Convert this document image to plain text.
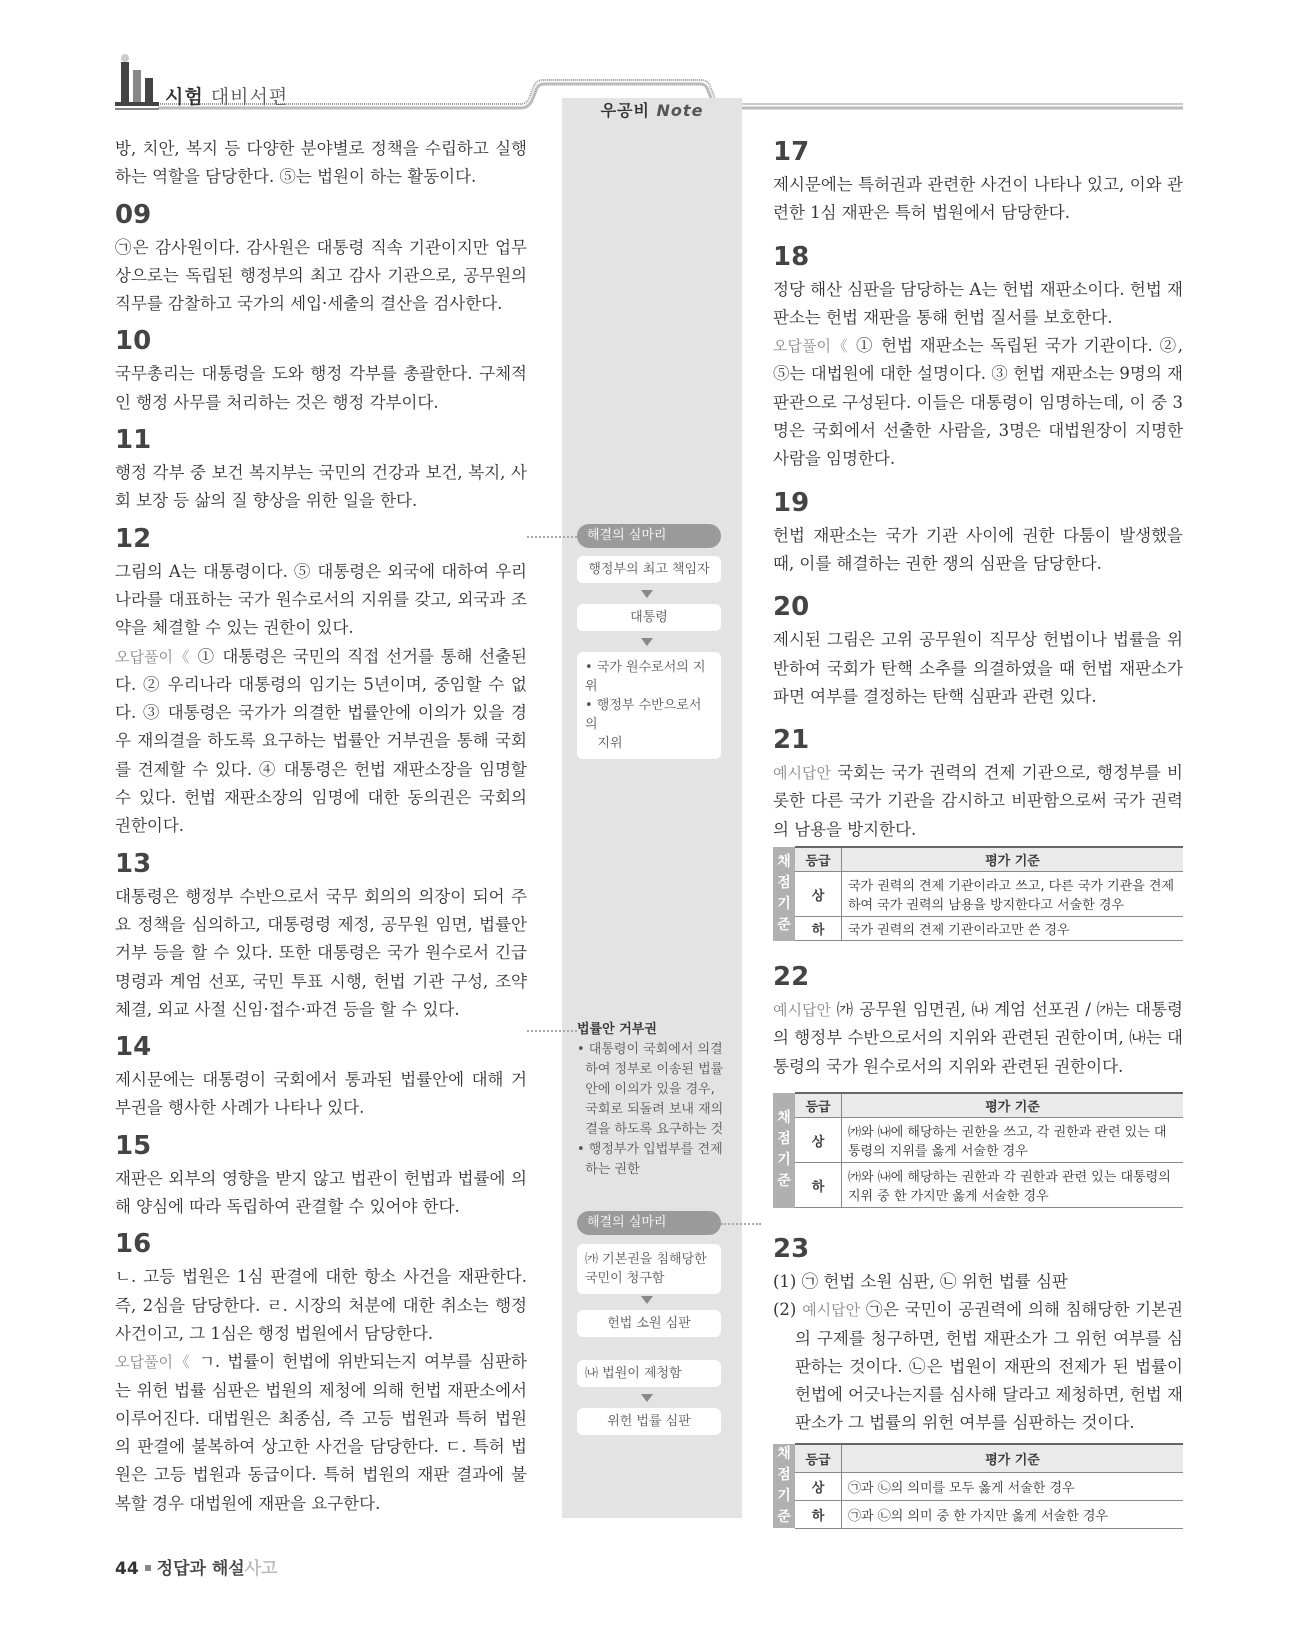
시험 대비서편
우공비 Note

방, 치안, 복지 등 다양한 분야별로 정책을 수립하고 실행하는 역할을 담당한다. ⑤는 법원이 하는 활동이다.

09

㉠은 감사원이다. 감사원은 대통령 직속 기관이지만 업무상으로는 독립된 행정부의 최고 감사 기관으로, 공무원의 직무를 감찰하고 국가의 세입·세출의 결산을 검사한다.

10

국무총리는 대통령을 도와 행정 각부를 총괄한다. 구체적인 행정 사무를 처리하는 것은 행정 각부이다.

11

행정 각부 중 보건 복지부는 국민의 건강과 보건, 복지, 사회 보장 등 삶의 질 향상을 위한 일을 한다.

12

그림의 A는 대통령이다. ⑤ 대통령은 외국에 대하여 우리나라를 대표하는 국가 원수로서의 지위를 갖고, 외국과 조약을 체결할 수 있는 권한이 있다.

오답풀이《 ① 대통령은 국민의 직접 선거를 통해 선출된다. ② 우리나라 대통령의 임기는 5년이며, 중임할 수 없다. ③ 대통령은 국가가 의결한 법률안에 이의가 있을 경우 재의결을 하도록 요구하는 법률안 거부권을 통해 국회를 견제할 수 있다. ④ 대통령은 헌법 재판소장을 임명할 수 있다. 헌법 재판소장의 임명에 대한 동의권은 국회의 권한이다.

13

대통령은 행정부 수반으로서 국무 회의의 의장이 되어 주요 정책을 심의하고, 대통령령 제정, 공무원 임면, 법률안 거부 등을 할 수 있다. 또한 대통령은 국가 원수로서 긴급 명령과 계엄 선포, 국민 투표 시행, 헌법 기관 구성, 조약 체결, 외교 사절 신임·접수·파견 등을 할 수 있다.

14

제시문에는 대통령이 국회에서 통과된 법률안에 대해 거부권을 행사한 사례가 나타나 있다.

15

재판은 외부의 영향을 받지 않고 법관이 헌법과 법률에 의해 양심에 따라 독립하여 관결할 수 있어야 한다.

16

ㄴ. 고등 법원은 1심 판결에 대한 항소 사건을 재판한다. 즉, 2심을 담당한다. ㄹ. 시장의 처분에 대한 취소는 행정사건이고, 그 1심은 행정 법원에서 담당한다.

오답풀이《 ㄱ. 법률이 헌법에 위반되는지 여부를 심판하는 위헌 법률 심판은 법원의 제청에 의해 헌법 재판소에서 이루어진다. 대법원은 최종심, 즉 고등 법원과 특허 법원의 판결에 불복하여 상고한 사건을 담당한다. ㄷ. 특허 법원은 고등 법원과 동급이다. 특허 법원의 재판 결과에 불복할 경우 대법원에 재판을 요구한다.

해결의 실마리
행정부의 최고 책임자
대통령
• 국가 원수로서의 지위
• 행정부 수반으로서의
지위
법률안 거부권
• 대통령이 국회에서 의결
하여 정부로 이송된 법률
안에 이의가 있을 경우,
국회로 되돌려 보내 재의
결을 하도록 요구하는 것
• 행정부가 입법부를 견제
하는 권한
해결의 실마리
㈎ 기본권을 침해당한 국민이 청구함
헌법 소원 심판
㈏ 법원이 제청함
위헌 법률 심판
17

제시문에는 특허권과 관련한 사건이 나타나 있고, 이와 관련한 1심 재판은 특허 법원에서 담당한다.

18

정당 해산 심판을 담당하는 A는 헌법 재판소이다. 헌법 재판소는 헌법 재판을 통해 헌법 질서를 보호한다.

오답풀이《 ① 헌법 재판소는 독립된 국가 기관이다. ②, ⑤는 대법원에 대한 설명이다. ③ 헌법 재판소는 9명의 재판관으로 구성된다. 이들은 대통령이 임명하는데, 이 중 3명은 국회에서 선출한 사람을, 3명은 대법원장이 지명한 사람을 임명한다.

19

헌법 재판소는 국가 기관 사이에 권한 다툼이 발생했을 때, 이를 해결하는 권한 쟁의 심판을 담당한다.

20

제시된 그림은 고위 공무원이 직무상 헌법이나 법률을 위반하여 국회가 탄핵 소추를 의결하였을 때 헌법 재판소가 파면 여부를 결정하는 탄핵 심판과 관련 있다.

21

예시답안 국회는 국가 권력의 견제 기관으로, 행정부를 비롯한 다른 국가 기관을 감시하고 비판함으로써 국가 권력의 남용을 방지한다.

채
점
기
준	등급	평가 기준
	상	국가 권력의 견제 기관이라고 쓰고, 다른 국가 기관을 견제하여 국가 권력의 남용을 방지한다고 서술한 경우
	하	국가 권력의 견제 기관이라고만 쓴 경우
22

예시답안 ㈎ 공무원 임면권, ㈏ 계엄 선포권 / ㈎는 대통령의 행정부 수반으로서의 지위와 관련된 권한이며, ㈏는 대통령의 국가 원수로서의 지위와 관련된 권한이다.

채
점
기
준	등급	평가 기준
	상	㈎와 ㈏에 해당하는 권한을 쓰고, 각 권한과 관련 있는 대통령의 지위를 옳게 서술한 경우
	하	㈎와 ㈏에 해당하는 권한과 각 권한과 관련 있는 대통령의 지위 중 한 가지만 옳게 서술한 경우
23

(1) ㉠ 헌법 소원 심판, ㉡ 위헌 법률 심판

(2) 예시답안 ㉠은 국민이 공권력에 의해 침해당한 기본권의 구제를 청구하면, 헌법 재판소가 그 위헌 여부를 심판하는 것이다. ㉡은 법원이 재판의 전제가 된 법률이 헌법에 어긋나는지를 심사해 달라고 제청하면, 헌법 재판소가 그 법률의 위헌 여부를 심판하는 것이다.

채
점
기
준	등급	평가 기준
	상	㉠과 ㉡의 의미를 모두 옳게 서술한 경우
	하	㉠과 ㉡의 의미 중 한 가지만 옳게 서술한 경우
44 정답과 해설사고
